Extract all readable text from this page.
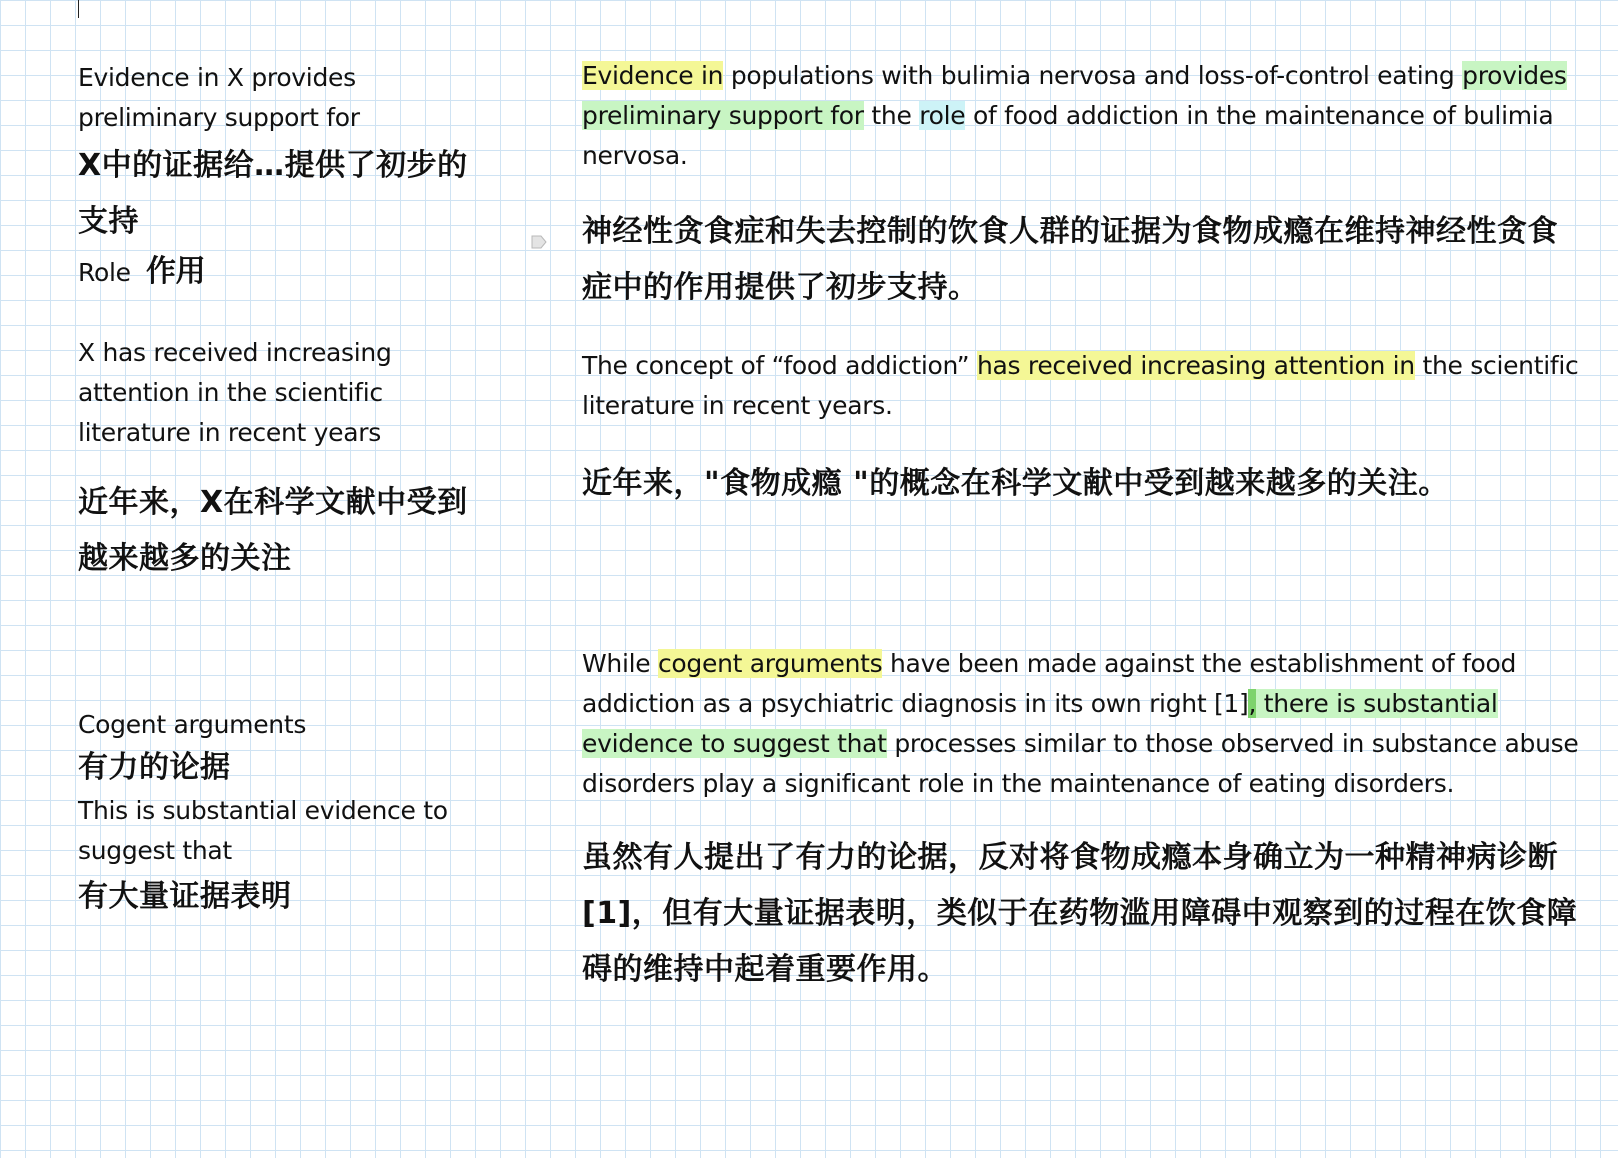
Evidence in X provides preliminary support for

X中的证据给…提供了初步的支持

Role 作用

X has received increasing attention in the scientific literature in recent years

近年来，X在科学文献中受到越来越多的关注

Cogent arguments

有力的论据

This is substantial evidence to suggest that

有大量证据表明

Evidence in populations with bulimia nervosa and loss-of-control eating provides preliminary support for the role of food addiction in the maintenance of bulimia nervosa.

神经性贪食症和失去控制的饮食人群的证据为食物成瘾在维持神经性贪食症中的作用提供了初步支持。

The concept of “food addiction” has received increasing attention in the scientific literature in recent years.

近年来，"食物成瘾 "的概念在科学文献中受到越来越多的关注。

While cogent arguments have been made against the establishment of food addiction as a psychiatric diagnosis in its own right [1], there is substantial evidence to suggest that processes similar to those observed in substance abuse disorders play a significant role in the maintenance of eating disorders.

虽然有人提出了有力的论据，反对将食物成瘾本身确立为一种精神病诊断[1]，但有大量证据表明，类似于在药物滥用障碍中观察到的过程在饮食障碍的维持中起着重要作用。
